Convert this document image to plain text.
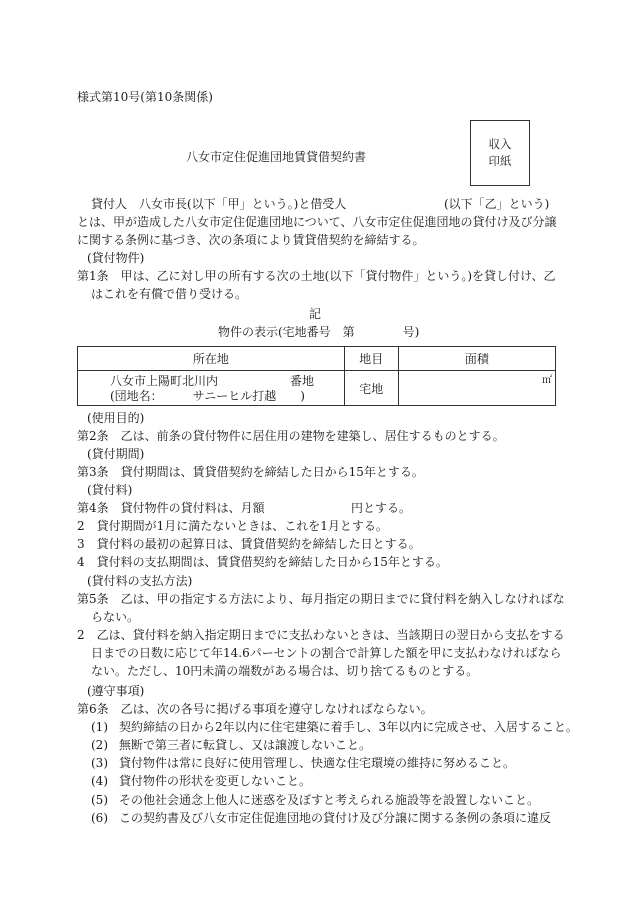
様式第10号(第10条関係)
八女市定住促進団地賃貸借契約書
収入
印紙
貸付人　八女市長(以下「甲」という。)と借受人	(以下「乙」という)
とは、甲が造成した八女市定住促進団地について、八女市定住促進団地の貸付け及び分譲
に関する条例に基づき、次の条項により賃貸借契約を締結する。
(貸付物件)
第1条　甲は、乙に対し甲の所有する次の土地(以下「貸付物件」という。)を貸し付け、乙
はこれを有償で借り受ける。
記
物件の表示(宅地番号　第　　　　号)
所在地	地目	面積

八女市上陽町北川内　　　　　　番地
(団地名：　　　サニーヒル打越　　)	宅地	㎡
(使用目的)
第2条　乙は、前条の貸付物件に居住用の建物を建築し、居住するものとする。
(貸付期間)
第3条　貸付期間は、賃貸借契約を締結した日から15年とする。
(貸付料)
第4条　貸付物件の貸付料は、月額	円とする。
2　貸付期間が1月に満たないときは、これを1月とする。
3　貸付料の最初の起算日は、賃貸借契約を締結した日とする。
4　貸付料の支払期間は、賃貸借契約を締結した日から15年とする。
(貸付料の支払方法)
第5条　乙は、甲の指定する方法により、毎月指定の期日までに貸付料を納入しなければな
らない。
2　乙は、貸付料を納入指定期日までに支払わないときは、当該期日の翌日から支払をする
日までの日数に応じて年14.6パーセントの割合で計算した額を甲に支払わなければなら
ない。ただし、10円未満の端数がある場合は、切り捨てるものとする。
(遵守事項)
第6条　乙は、次の各号に掲げる事項を遵守しなければならない。
(1) 契約締結の日から2年以内に住宅建築に着手し、3年以内に完成させ、入居すること。
(2) 無断で第三者に転貸し、又は譲渡しないこと。
(3) 貸付物件は常に良好に使用管理し、快適な住宅環境の維持に努めること。
(4) 貸付物件の形状を変更しないこと。
(5) その他社会通念上他人に迷惑を及ぼすと考えられる施設等を設置しないこと。
(6) この契約書及び八女市定住促進団地の貸付け及び分譲に関する条例の条項に違反
